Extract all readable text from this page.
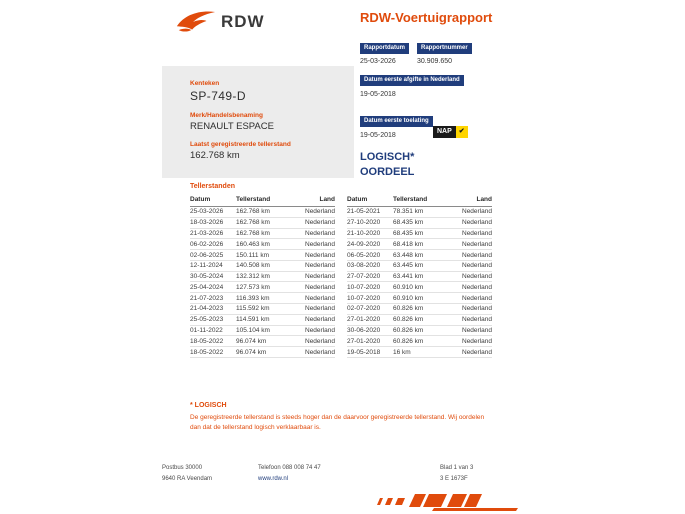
RDW	RDW-Voertuigrapport
Rapportdatum
25-03-2026
Rapportnummer
30.909.650
Kenteken
SP-749-D
Merk/Handelsbenaming
RENAULT ESPACE
Laatst geregistreerde tellerstand
162.768 km
Datum eerste afgifte in Nederland
19-05-2018
Datum eerste toelating
19-05-2018
LOGISCH*
OORDEEL
NAP	✔
Tellerstanden
Datum	Tellerstand	Land
25-03-2026	162.768 km	Nederland
18-03-2026	162.768 km	Nederland
21-03-2026	162.768 km	Nederland
06-02-2026	160.463 km	Nederland
02-06-2025	150.111 km	Nederland
12-11-2024	140.508 km	Nederland
30-05-2024	132.312 km	Nederland
25-04-2024	127.573 km	Nederland
21-07-2023	116.393 km	Nederland
21-04-2023	115.592 km	Nederland
25-05-2023	114.591 km	Nederland
01-11-2022	105.104 km	Nederland
18-05-2022	96.074 km	Nederland
18-05-2022	96.074 km	Nederland
Datum	Tellerstand	Land
21-05-2021	78.351 km	Nederland
27-10-2020	68.435 km	Nederland
21-10-2020	68.435 km	Nederland
24-09-2020	68.418 km	Nederland
06-05-2020	63.448 km	Nederland
03-08-2020	63.445 km	Nederland
27-07-2020	63.441 km	Nederland
10-07-2020	60.910 km	Nederland
10-07-2020	60.910 km	Nederland
02-07-2020	60.826 km	Nederland
27-01-2020	60.826 km	Nederland
30-06-2020	60.826 km	Nederland
27-01-2020	60.826 km	Nederland
19-05-2018	16 km	Nederland
* LOGISCH
De geregistreerde tellerstand is steeds hoger dan de daarvoor geregistreerde tellerstand. Wij oordelen dan dat de tellerstand logisch verklaarbaar is.
Postbus 30000
9640 RA Veendam
Telefoon 088 008 74 47
www.rdw.nl
Blad 1 van 3
3 E 1673F
